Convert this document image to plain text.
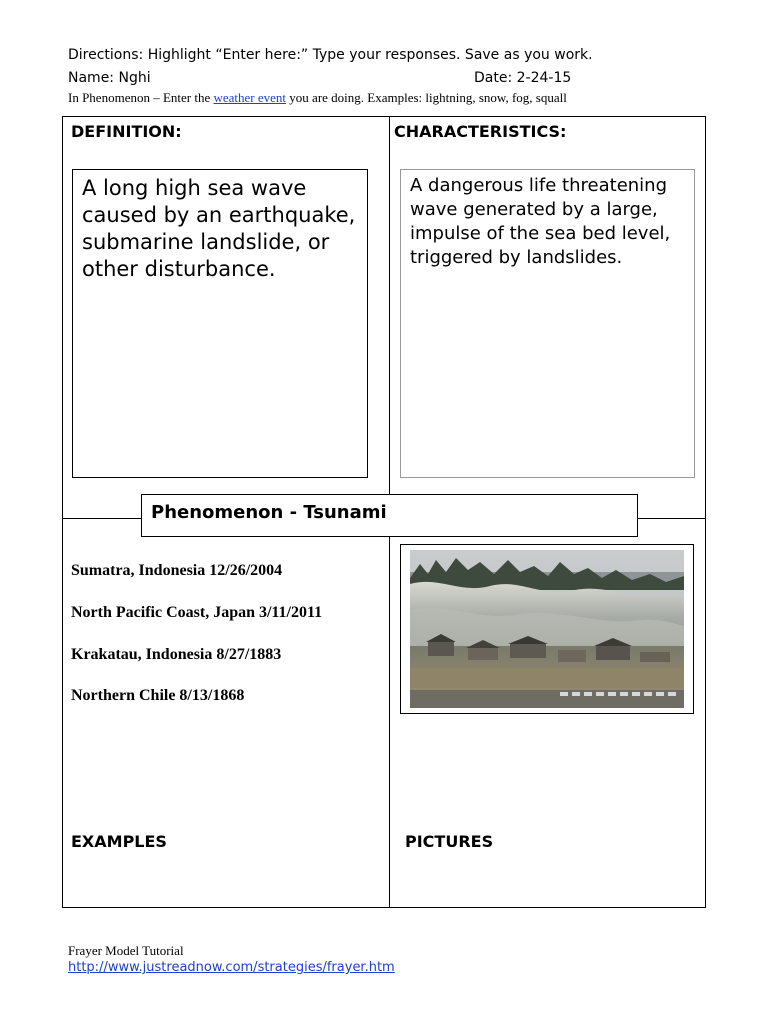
Directions: Highlight “Enter here:” Type your responses. Save as you work.
Name: Nghi	Date: 2-24-15
In Phenomenon – Enter the weather event you are doing. Examples: lightning, snow, fog, squall
DEFINITION:
A long high sea wave caused by an earthquake, submarine landslide, or other disturbance.
CHARACTERISTICS:
A dangerous life threatening wave generated by a large, impulse of the sea bed level, triggered by landslides.
Phenomenon - Tsunami
Sumatra, Indonesia 12/26/2004
North Pacific Coast, Japan 3/11/2011
Krakatau, Indonesia 8/27/1883
Northern Chile 8/13/1868
EXAMPLES	PICTURES
Frayer Model Tutorial
http://www.justreadnow.com/strategies/frayer.htm
